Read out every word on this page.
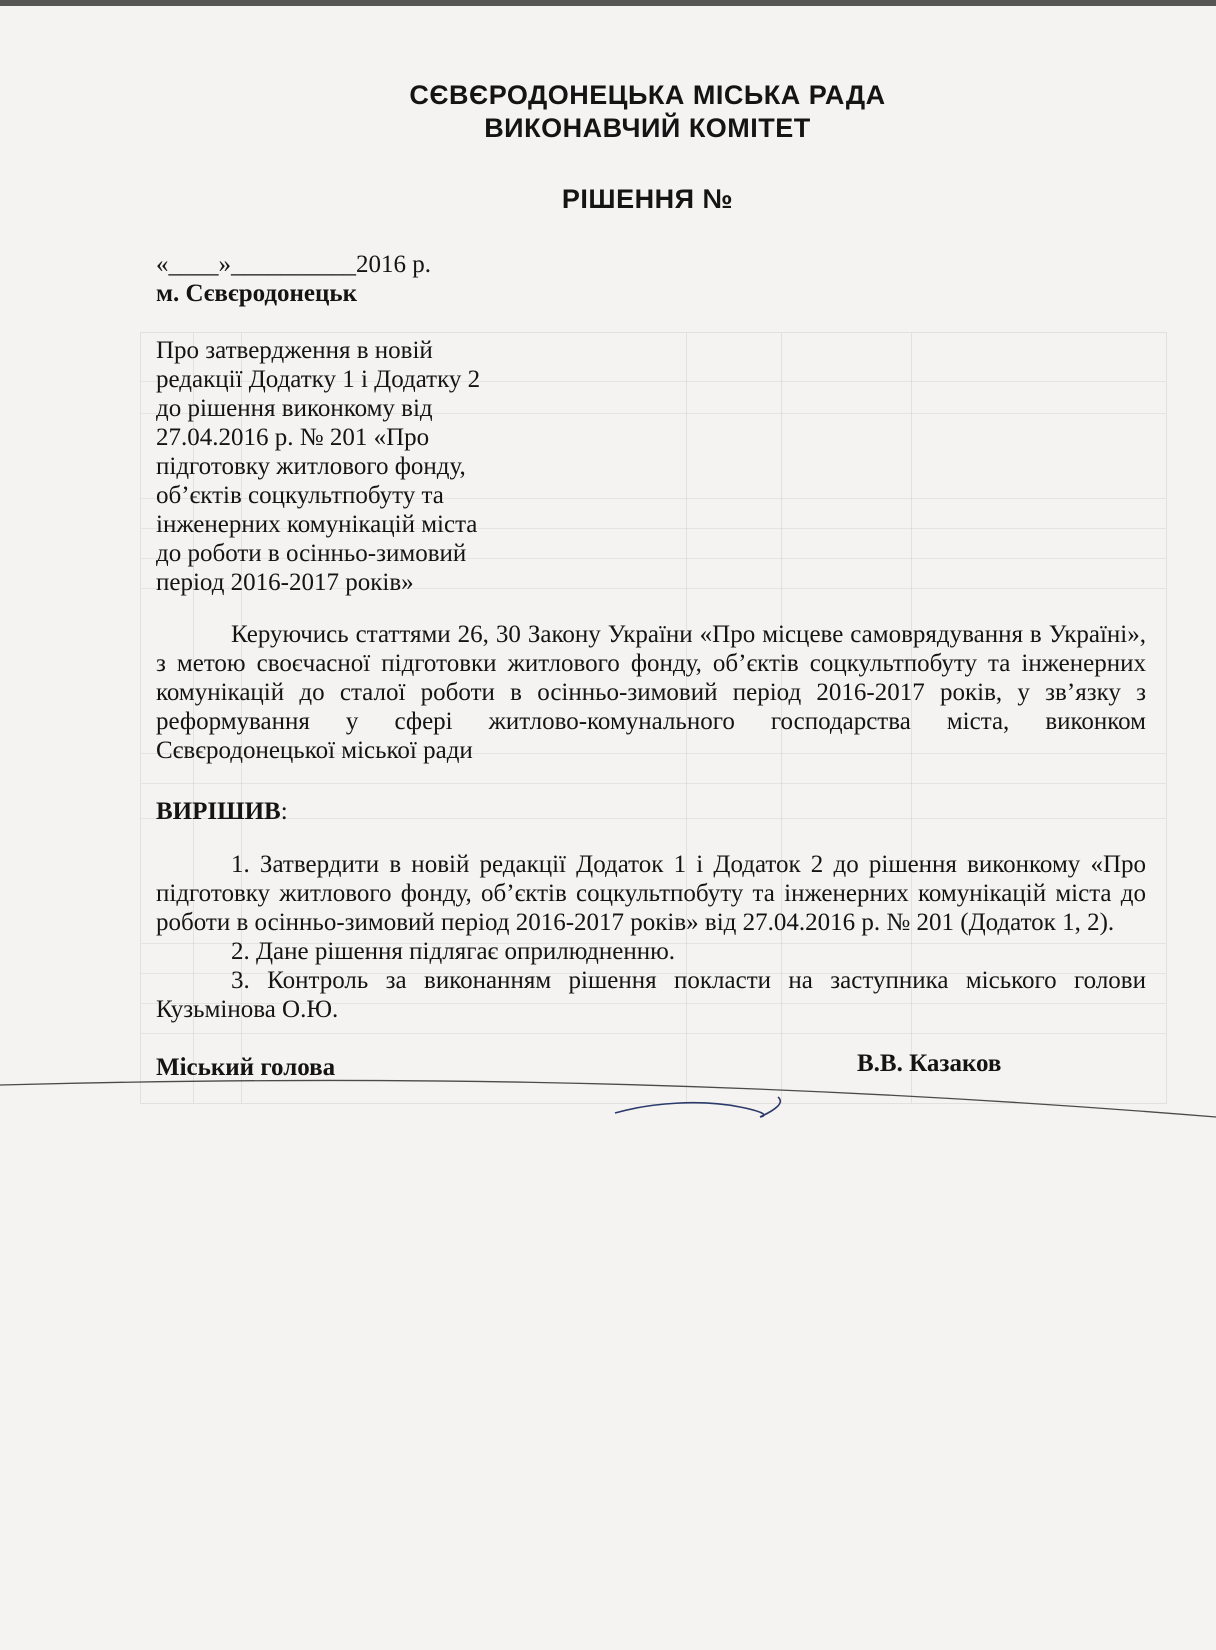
СЄВЄРОДОНЕЦЬКА МІСЬКА РАДА
ВИКОНАВЧИЙ КОМІТЕТ
РІШЕННЯ №
«____»__________2016 р.
м. Сєвєродонецьк
Про затвердження в новій
редакції Додатку 1 і Додатку 2
до рішення виконкому від
27.04.2016 р. № 201 «Про
підготовку житлового фонду,
об’єктів соцкультпобуту та
інженерних комунікацій міста
до роботи в осінньо-зимовий
період 2016-2017 років»
Керуючись статтями 26, 30 Закону України «Про місцеве самоврядування в Україні», з метою своєчасної підготовки житлового фонду, об’єктів соцкультпобуту та інженерних комунікацій до сталої роботи в осінньо-зимовий період 2016-2017 років, у зв’язку з реформування у сфері житлово-комунального господарства міста, виконком Сєвєродонецької міської ради
ВИРІШИВ:
1. Затвердити в новій редакції Додаток 1 і Додаток 2 до рішення виконкому «Про підготовку житлового фонду, об’єктів соцкультпобуту та інженерних комунікацій міста до роботи в осінньо-зимовий період 2016-2017 років» від 27.04.2016 р. № 201 (Додаток 1, 2).
2. Дане рішення підлягає оприлюдненню.
3. Контроль за виконанням рішення покласти на заступника міського голови Кузьмінова О.Ю.
Міський голова	В.В. Казаков
